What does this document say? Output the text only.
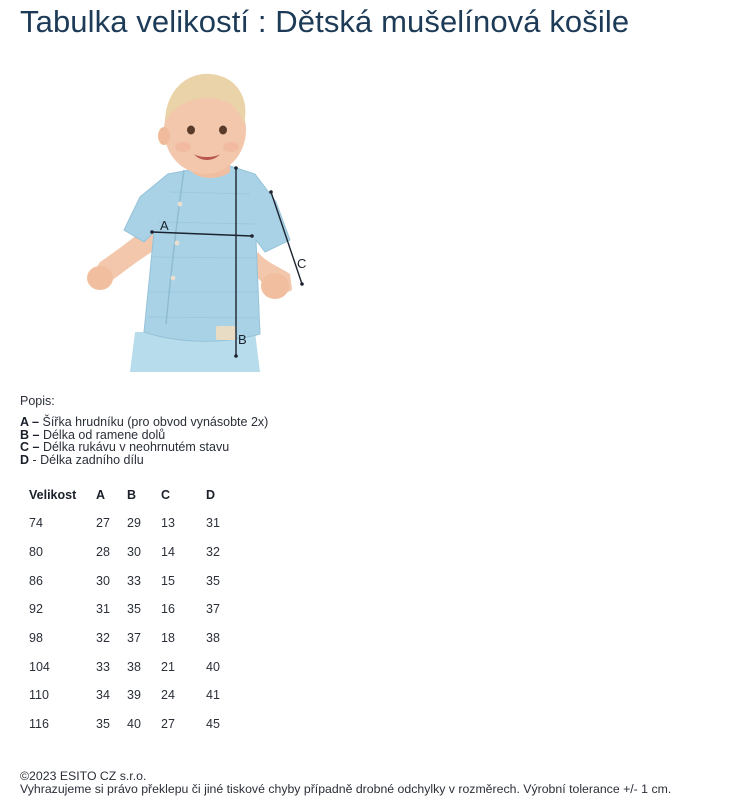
Tabulka velikostí : Dětská mušelínová košile
A
B
C
Popis:
A – Šířka hrudníku (pro obvod vynásobte 2x)
B – Délka od ramene dolů
C – Délka rukávu v neohrnutém stavu
D - Délka zadního dílu
Velikost	A	B	C	D
74	27	29	13	31
80	28	30	14	32
86	30	33	15	35
92	31	35	16	37
98	32	37	18	38
104	33	38	21	40
110	34	39	24	41
116	35	40	27	45
©2023 ESITO CZ s.r.o.
Vyhrazujeme si právo překlepu či jiné tiskové chyby případně drobné odchylky v rozměrech. Výrobní tolerance +/- 1 cm.
